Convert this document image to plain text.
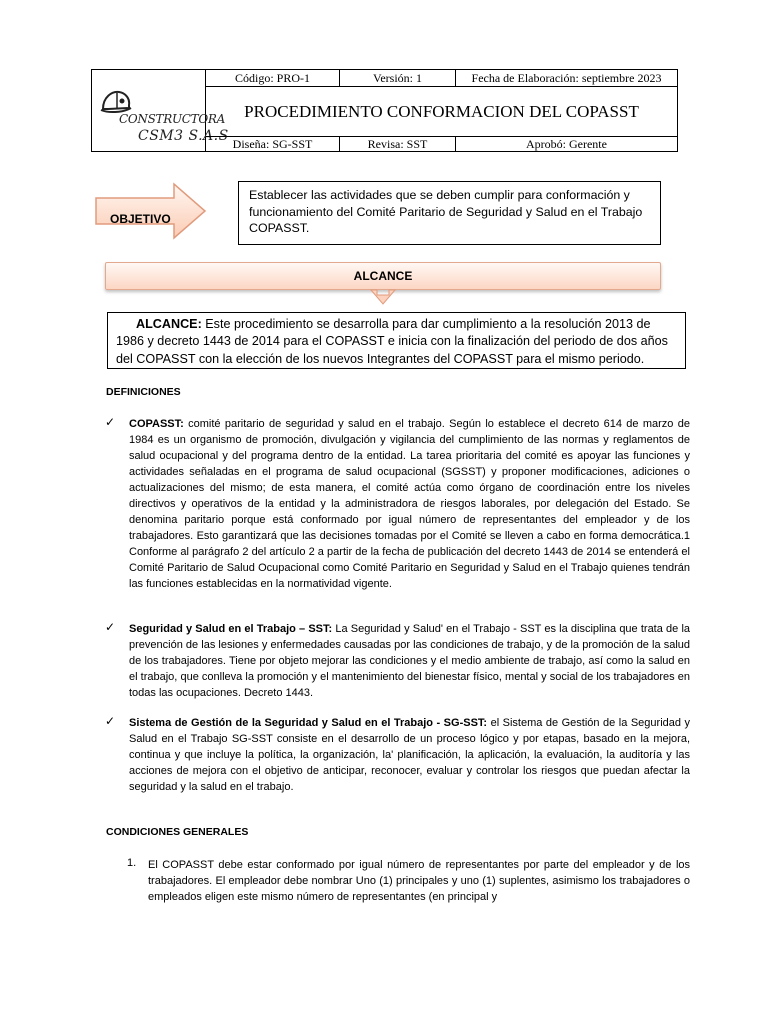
CONSTRUCTORA
CSM3 S.A.S
Código: PRO-1	Versión: 1	Fecha de Elaboración: septiembre 2023
PROCEDIMIENTO CONFORMACION DEL COPASST
Diseña: SG-SST	Revisa: SST	Aprobó: Gerente
OBJETIVO
Establecer las actividades que se deben cumplir para conformación y funcionamiento del Comité Paritario de Seguridad y Salud en el Trabajo COPASST.
ALCANCE
ALCANCE: Este procedimiento se desarrolla para dar cumplimiento a la resolución 2013 de 1986 y decreto 1443 de 2014 para el COPASST e inicia con la finalización del periodo de dos años del COPASST con la elección de los nuevos Integrantes del COPASST para el mismo periodo.
DEFINICIONES
✓ COPASST: comité paritario de seguridad y salud en el trabajo. Según lo establece el decreto 614 de marzo de 1984 es un organismo de promoción, divulgación y vigilancia del cumplimiento de las normas y reglamentos de salud ocupacional y del programa dentro de la entidad. La tarea prioritaria del comité es apoyar las funciones y actividades señaladas en el programa de salud ocupacional (SGSST) y proponer modificaciones, adiciones o actualizaciones del mismo; de esta manera, el comité actúa como órgano de coordinación entre los niveles directivos y operativos de la entidad y la administradora de riesgos laborales, por delegación del Estado. Se denomina paritario porque está conformado por igual número de representantes del empleador y de los trabajadores. Esto garantizará que las decisiones tomadas por el Comité se lleven a cabo en forma democrática.1 Conforme al parágrafo 2 del artículo 2 a partir de la fecha de publicación del decreto 1443 de 2014 se entenderá el Comité Paritario de Salud Ocupacional como Comité Paritario en Seguridad y Salud en el Trabajo quienes tendrán las funciones establecidas en la normatividad vigente.
✓ Seguridad y Salud en el Trabajo – SST: La Seguridad y Salud' en el Trabajo - SST es la disciplina que trata de la prevención de las lesiones y enfermedades causadas por las condiciones de trabajo, y de la promoción de la salud de los trabajadores. Tiene por objeto mejorar las condiciones y el medio ambiente de trabajo, así como la salud en el trabajo, que conlleva la promoción y el mantenimiento del bienestar físico, mental y social de los trabajadores en todas las ocupaciones. Decreto 1443.
✓ Sistema de Gestión de la Seguridad y Salud en el Trabajo - SG-SST: el Sistema de Gestión de la Seguridad y Salud en el Trabajo SG-SST consiste en el desarrollo de un proceso lógico y por etapas, basado en la mejora, continua y que incluye la política, la organización, la' planificación, la aplicación, la evaluación, la auditoría y las acciones de mejora con el objetivo de anticipar, reconocer, evaluar y controlar los riesgos que puedan afectar la seguridad y la salud en el trabajo.
CONDICIONES GENERALES
1. El COPASST debe estar conformado por igual número de representantes por parte del empleador y de los trabajadores. El empleador debe nombrar Uno (1) principales y uno (1) suplentes, asimismo los trabajadores o empleados eligen este mismo número de representantes (en principal y
